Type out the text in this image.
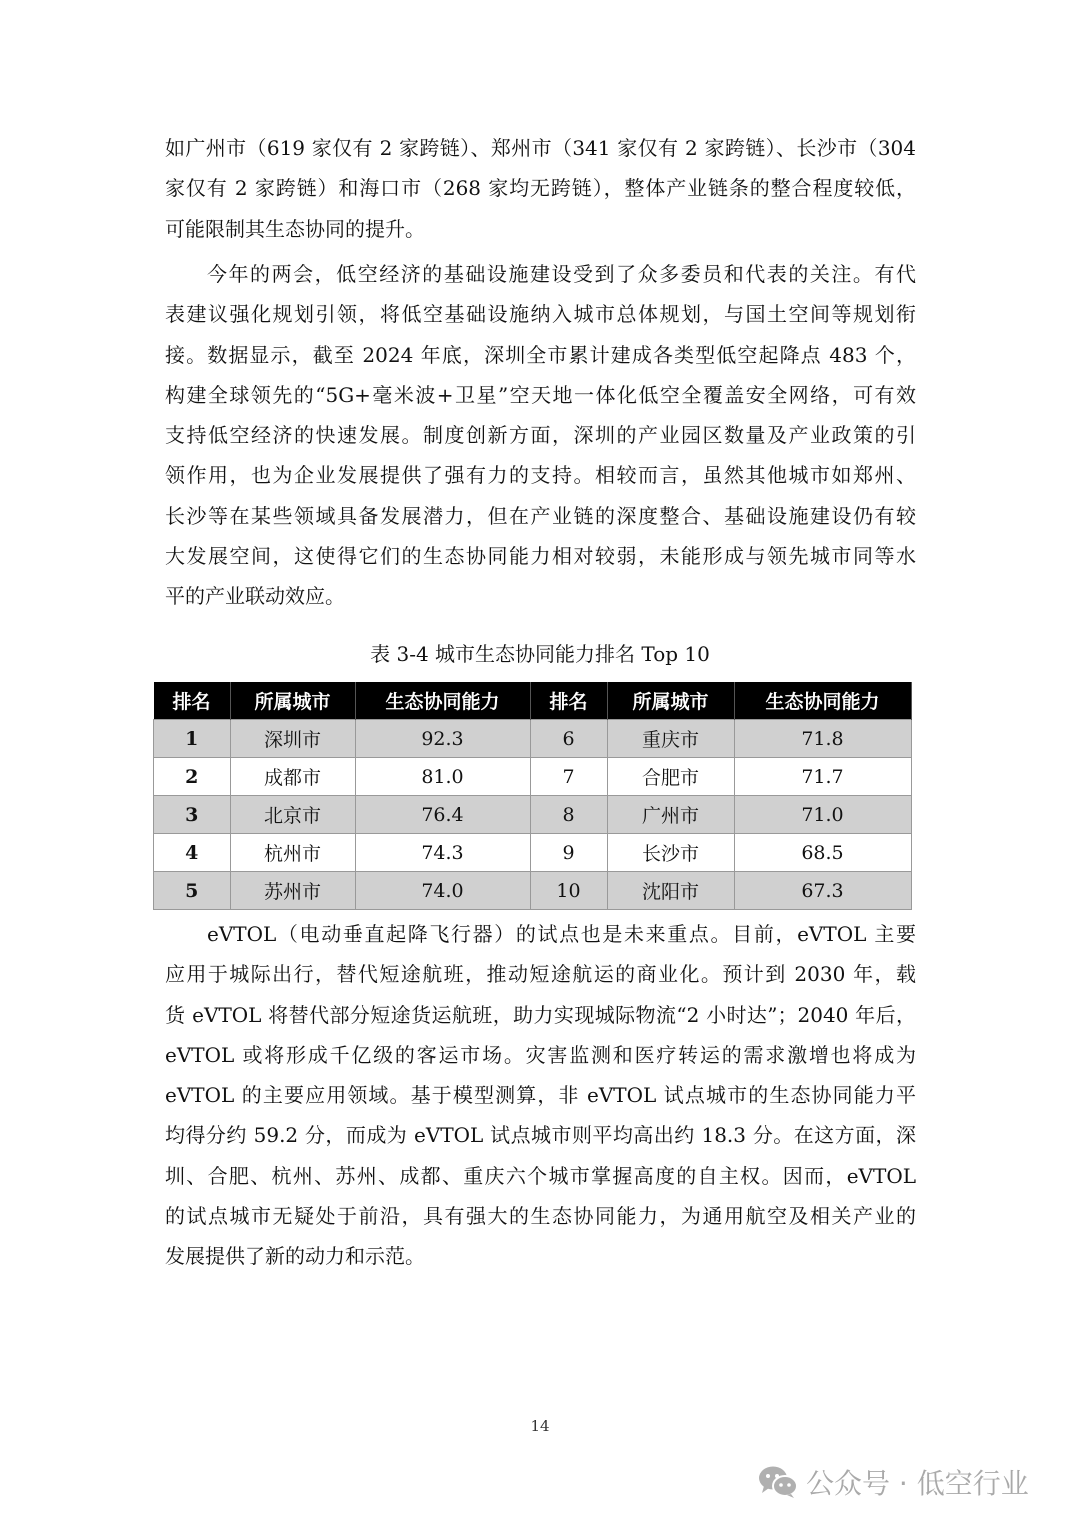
如广州市（619 家仅有 2 家跨链）、郑州市（341 家仅有 2 家跨链）、长沙市（304
家仅有 2 家跨链）和海口市（268 家均无跨链），整体产业链条的整合程度较低，
可能限制其生态协同的提升。
今年的两会，低空经济的基础设施建设受到了众多委员和代表的关注。有代
表建议强化规划引领，将低空基础设施纳入城市总体规划，与国土空间等规划衔
接。数据显示，截至 2024 年底，深圳全市累计建成各类型低空起降点 483 个，
构建全球领先的“5G+毫米波+卫星”空天地一体化低空全覆盖安全网络，可有效
支持低空经济的快速发展。制度创新方面，深圳的产业园区数量及产业政策的引
领作用，也为企业发展提供了强有力的支持。相较而言，虽然其他城市如郑州、
长沙等在某些领域具备发展潜力，但在产业链的深度整合、基础设施建设仍有较
大发展空间，这使得它们的生态协同能力相对较弱，未能形成与领先城市同等水
平的产业联动效应。
表 3-4 城市生态协同能力排名 Top 10
排名	所属城市	生态协同能力	排名	所属城市	生态协同能力
1	深圳市	92.3	6	重庆市	71.8
2	成都市	81.0	7	合肥市	71.7
3	北京市	76.4	8	广州市	71.0
4	杭州市	74.3	9	长沙市	68.5
5	苏州市	74.0	10	沈阳市	67.3
eVTOL（电动垂直起降飞行器）的试点也是未来重点。目前，eVTOL 主要
应用于城际出行，替代短途航班，推动短途航运的商业化。预计到 2030 年，载
货 eVTOL 将替代部分短途货运航班，助力实现城际物流“2 小时达”；2040 年后，
eVTOL 或将形成千亿级的客运市场。灾害监测和医疗转运的需求激增也将成为
eVTOL 的主要应用领域。基于模型测算，非 eVTOL 试点城市的生态协同能力平
均得分约 59.2 分，而成为 eVTOL 试点城市则平均高出约 18.3 分。在这方面，深
圳、合肥、杭州、苏州、成都、重庆六个城市掌握高度的自主权。因而，eVTOL
的试点城市无疑处于前沿，具有强大的生态协同能力，为通用航空及相关产业的
发展提供了新的动力和示范。
14
公众号 · 低空行业
